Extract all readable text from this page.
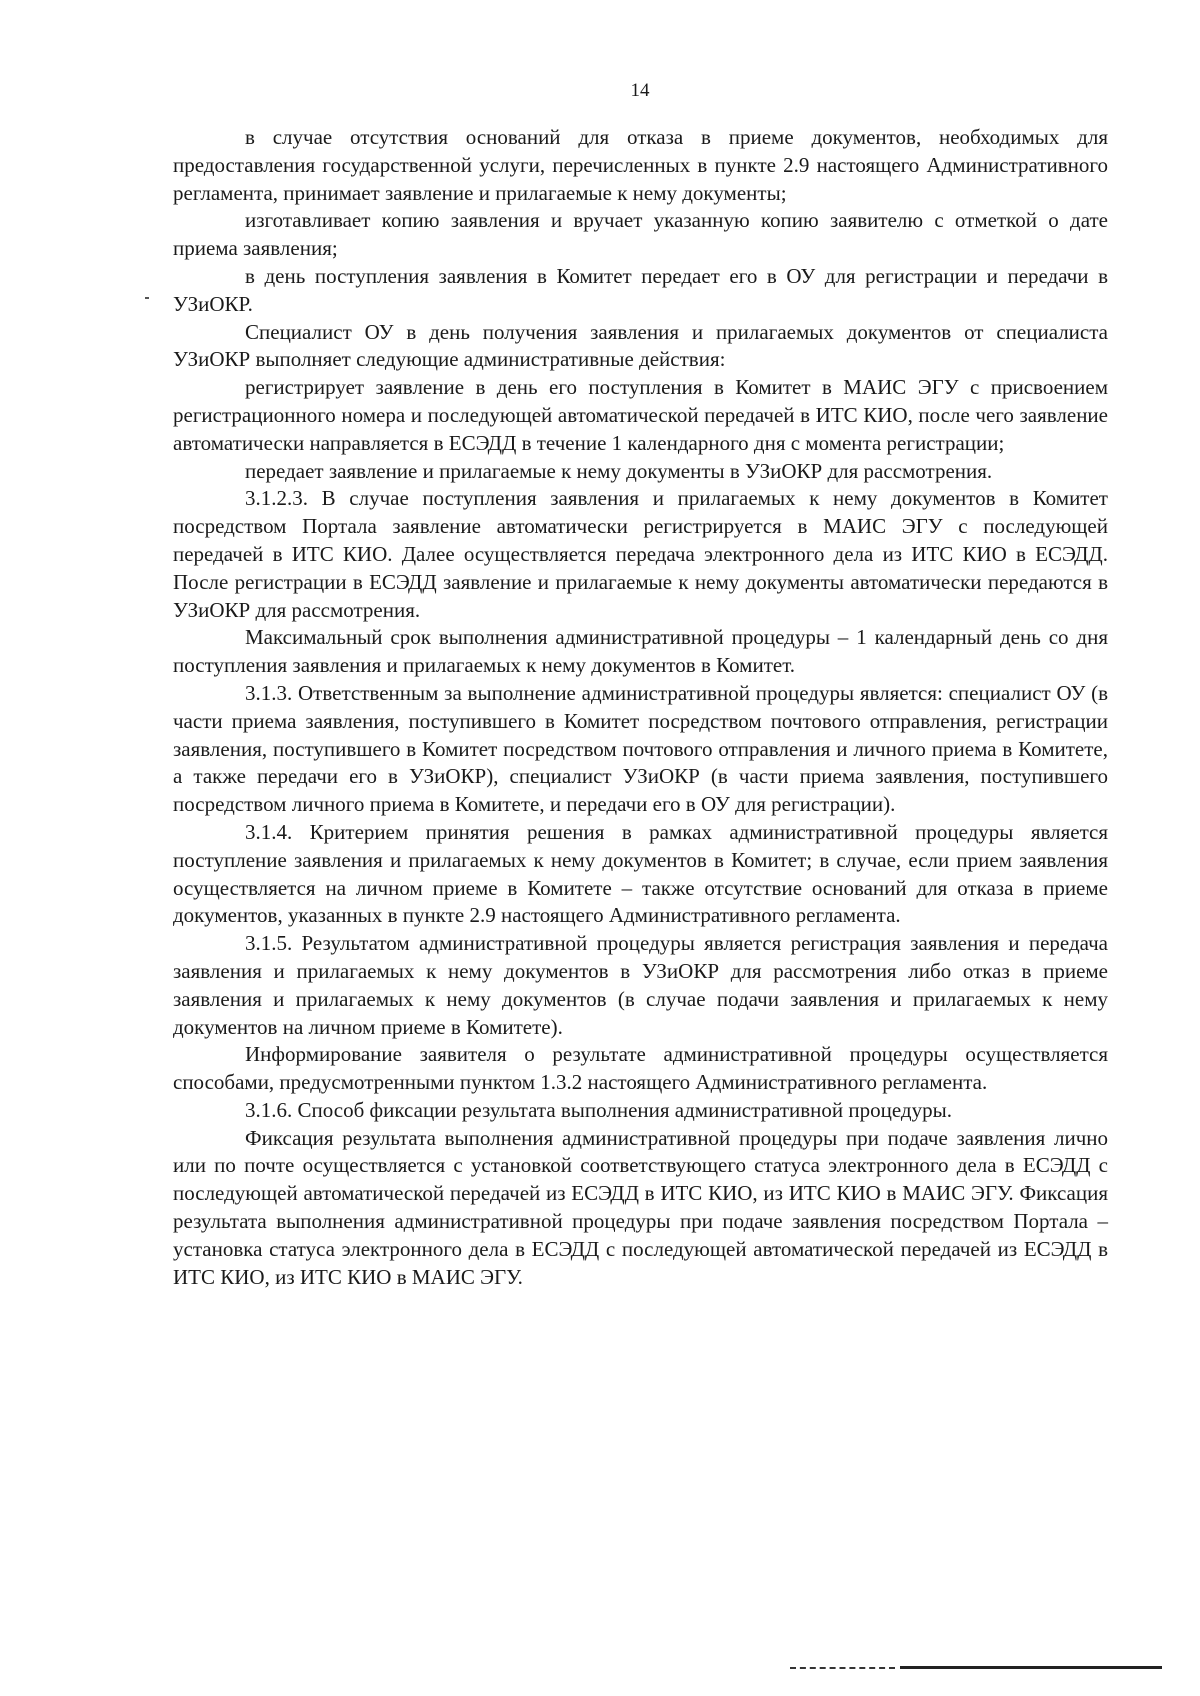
14

в случае отсутствия оснований для отказа в приеме документов, необходимых для предоставления государственной услуги, перечисленных в пункте 2.9 настоящего Административного регламента, принимает заявление и прилагаемые к нему документы;

изготавливает копию заявления и вручает указанную копию заявителю с отметкой о дате приема заявления;

в день поступления заявления в Комитет передает его в ОУ для регистрации и передачи в УЗиОКР.

Специалист ОУ в день получения заявления и прилагаемых документов от специалиста УЗиОКР выполняет следующие административные действия:

регистрирует заявление в день его поступления в Комитет в МАИС ЭГУ с присвоением регистрационного номера и последующей автоматической передачей в ИТС КИО, после чего заявление автоматически направляется в ЕСЭДД в течение 1 календарного дня с момента регистрации;

передает заявление и прилагаемые к нему документы в УЗиОКР для рассмотрения.

3.1.2.3. В случае поступления заявления и прилагаемых к нему документов в Комитет посредством Портала заявление автоматически регистрируется в МАИС ЭГУ с последующей передачей в ИТС КИО. Далее осуществляется передача электронного дела из ИТС КИО в ЕСЭДД. После регистрации в ЕСЭДД заявление и прилагаемые к нему документы автоматически передаются в УЗиОКР для рассмотрения.

Максимальный срок выполнения административной процедуры – 1 календарный день со дня поступления заявления и прилагаемых к нему документов в Комитет.

3.1.3. Ответственным за выполнение административной процедуры является: специалист ОУ (в части приема заявления, поступившего в Комитет посредством почтового отправления, регистрации заявления, поступившего в Комитет посредством почтового отправления и личного приема в Комитете, а также передачи его в УЗиОКР), специалист УЗиОКР (в части приема заявления, поступившего посредством личного приема в Комитете, и передачи его в ОУ для регистрации).

3.1.4. Критерием принятия решения в рамках административной процедуры является поступление заявления и прилагаемых к нему документов в Комитет; в случае, если прием заявления осуществляется на личном приеме в Комитете – также отсутствие оснований для отказа в приеме документов, указанных в пункте 2.9 настоящего Административного регламента.

3.1.5. Результатом административной процедуры является регистрация заявления и передача заявления и прилагаемых к нему документов в УЗиОКР для рассмотрения либо отказ в приеме заявления и прилагаемых к нему документов (в случае подачи заявления и прилагаемых к нему документов на личном приеме в Комитете).

Информирование заявителя о результате административной процедуры осуществляется способами, предусмотренными пунктом 1.3.2 настоящего Административного регламента.

3.1.6. Способ фиксации результата выполнения административной процедуры.

Фиксация результата выполнения административной процедуры при подаче заявления лично или по почте осуществляется с установкой соответствующего статуса электронного дела в ЕСЭДД с последующей автоматической передачей из ЕСЭДД в ИТС КИО, из ИТС КИО в МАИС ЭГУ. Фиксация результата выполнения административной процедуры при подаче заявления посредством Портала – установка статуса электронного дела в ЕСЭДД с последующей автоматической передачей из ЕСЭДД в ИТС КИО, из ИТС КИО в МАИС ЭГУ.
